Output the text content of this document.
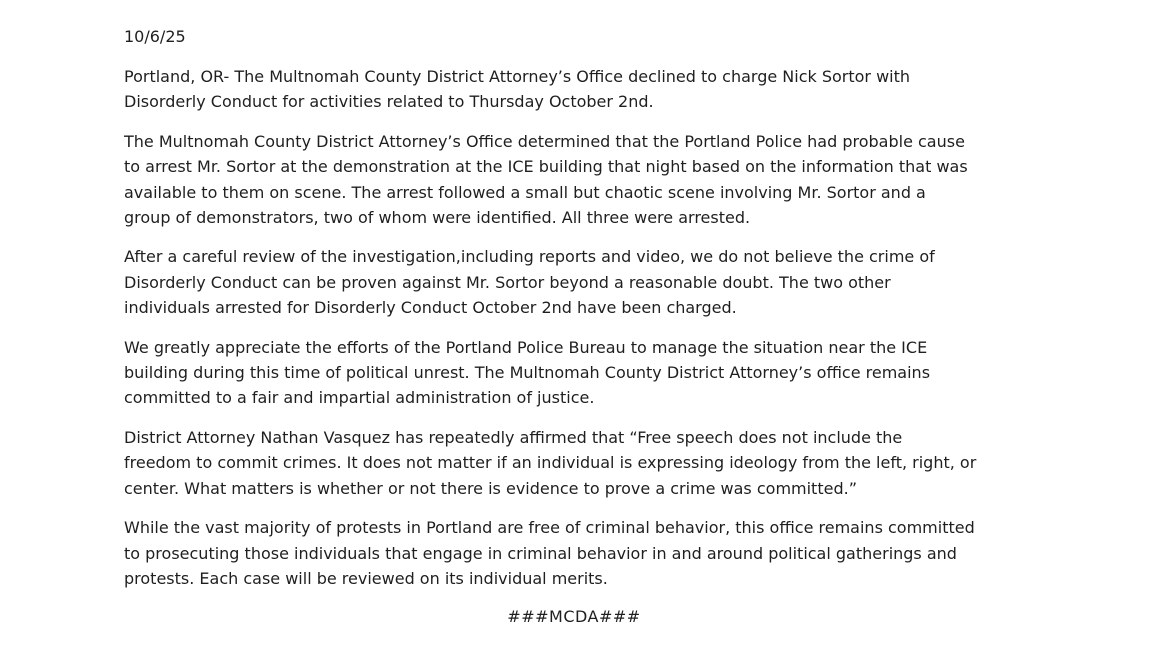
10/6/25
Portland, OR- The Multnomah County District Attorney’s Office declined to charge Nick Sortor with
Disorderly Conduct for activities related to Thursday October 2nd.
The Multnomah County District Attorney’s Office determined that the Portland Police had probable cause
to arrest Mr. Sortor at the demonstration at the ICE building that night based on the information that was
available to them on scene. The arrest followed a small but chaotic scene involving Mr. Sortor and a
group of demonstrators, two of whom were identified. All three were arrested.
After a careful review of the investigation,including reports and video, we do not believe the crime of
Disorderly Conduct can be proven against Mr. Sortor beyond a reasonable doubt. The two other
individuals arrested for Disorderly Conduct October 2nd have been charged.
We greatly appreciate the efforts of the Portland Police Bureau to manage the situation near the ICE
building during this time of political unrest. The Multnomah County District Attorney’s office remains
committed to a fair and impartial administration of justice.
District Attorney Nathan Vasquez has repeatedly affirmed that “Free speech does not include the
freedom to commit crimes. It does not matter if an individual is expressing ideology from the left, right, or
center. What matters is whether or not there is evidence to prove a crime was committed.”
While the vast majority of protests in Portland are free of criminal behavior, this office remains committed
to prosecuting those individuals that engage in criminal behavior in and around political gatherings and
protests. Each case will be reviewed on its individual merits.
###MCDA###
